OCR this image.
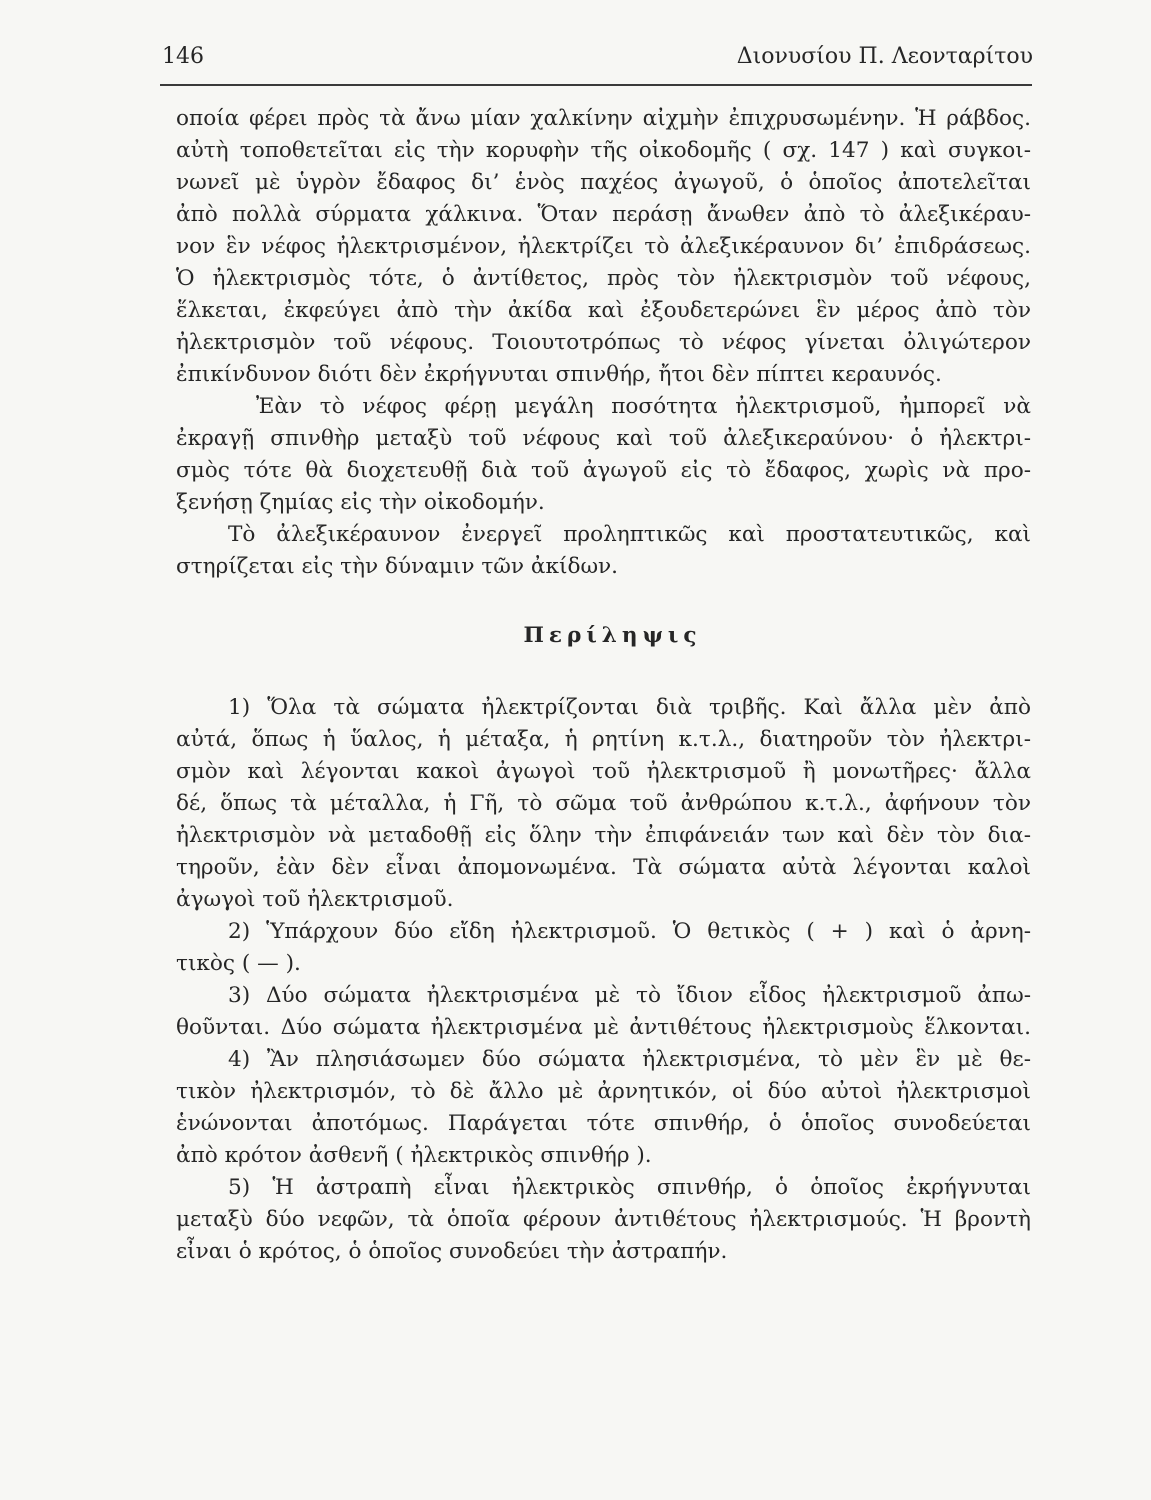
146	Διονυσίου Π. Λεονταρίτου
οποία φέρει πρὸς τὰ ἄνω μίαν χαλκίνην αἰχμὴν ἐπιχρυσωμένην. Ἡ ράβδος.
αὐτὴ τοποθετεῖται εἰς τὴν κορυφὴν τῆς οἰκοδομῆς ( σχ. 147 ) καὶ συγκοι-
νωνεῖ μὲ ὑγρὸν ἔδαφος δι’ ἑνὸς παχέος ἀγωγοῦ, ὁ ὁποῖος ἀποτελεῖται
ἀπὸ πολλὰ σύρματα χάλκινα. Ὅταν περάσῃ ἄνωθεν ἀπὸ τὸ ἀλεξικέραυ-
νον ἓν νέφος ἠλεκτρισμένον, ἠλεκτρίζει τὸ ἀλεξικέραυνον δι’ ἐπιδράσεως.
Ὁ ἠλεκτρισμὸς τότε, ὁ ἀντίθετος, πρὸς τὸν ἠλεκτρισμὸν τοῦ νέφους,
ἕλκεται, ἐκφεύγει ἀπὸ τὴν ἀκίδα καὶ ἐξουδετερώνει ἓν μέρος ἀπὸ τὸν
ἠλεκτρισμὸν τοῦ νέφους. Τοιουτοτρόπως τὸ νέφος γίνεται ὀλιγώτερον
ἐπικίνδυνον διότι δὲν ἐκρήγνυται σπινθήρ, ἤτοι δὲν πίπτει κεραυνός.
Ἐὰν τὸ νέφος φέρῃ μεγάλη ποσότητα ἠλεκτρισμοῦ, ἠμπορεῖ νὰ
ἐκραγῇ σπινθὴρ μεταξὺ τοῦ νέφους καὶ τοῦ ἀλεξικεραύνου· ὁ ἠλεκτρι-
σμὸς τότε θὰ διοχετευθῇ διὰ τοῦ ἀγωγοῦ εἰς τὸ ἔδαφος, χωρὶς νὰ προ-
ξενήσῃ ζημίας εἰς τὴν οἰκοδομήν.
Τὸ ἀλεξικέραυνον ἐνεργεῖ προληπτικῶς καὶ προστατευτικῶς, καὶ
στηρίζεται εἰς τὴν δύναμιν τῶν ἀκίδων.
Περίληψις
1) Ὅλα τὰ σώματα ἠλεκτρίζονται διὰ τριβῆς. Καὶ ἄλλα μὲν ἀπὸ
αὐτά, ὅπως ἡ ὕαλος, ἡ μέταξα, ἡ ρητίνη κ.τ.λ., διατηροῦν τὸν ἠλεκτρι-
σμὸν καὶ λέγονται κακοὶ ἀγωγοὶ τοῦ ἠλεκτρισμοῦ ἢ μονωτῆρες· ἄλλα
δέ, ὅπως τὰ μέταλλα, ἡ Γῆ, τὸ σῶμα τοῦ ἀνθρώπου κ.τ.λ., ἀφήνουν τὸν
ἠλεκτρισμὸν νὰ μεταδοθῇ εἰς ὅλην τὴν ἐπιφάνειάν των καὶ δὲν τὸν δια-
τηροῦν, ἐὰν δὲν εἶναι ἀπομονωμένα. Τὰ σώματα αὐτὰ λέγονται καλοὶ
ἀγωγοὶ τοῦ ἠλεκτρισμοῦ.
2) Ὑπάρχουν δύο εἴδη ἠλεκτρισμοῦ. Ὁ θετικὸς ( + ) καὶ ὁ ἀρνη-
τικὸς ( — ).
3) Δύο σώματα ἠλεκτρισμένα μὲ τὸ ἴδιον εἶδος ἠλεκτρισμοῦ ἀπω-
θοῦνται. Δύο σώματα ἠλεκτρισμένα μὲ ἀντιθέτους ἠλεκτρισμοὺς ἕλκονται.
4) Ἂν πλησιάσωμεν δύο σώματα ἠλεκτρισμένα, τὸ μὲν ἓν μὲ θε-
τικὸν ἠλεκτρισμόν, τὸ δὲ ἄλλο μὲ ἀρνητικόν, οἱ δύο αὐτοὶ ἠλεκτρισμοὶ
ἑνώνονται ἀποτόμως. Παράγεται τότε σπινθήρ, ὁ ὁποῖος συνοδεύεται
ἀπὸ κρότον ἀσθενῆ ( ἠλεκτρικὸς σπινθήρ ).
5) Ἡ ἀστραπὴ εἶναι ἠλεκτρικὸς σπινθήρ, ὁ ὁποῖος ἐκρήγνυται
μεταξὺ δύο νεφῶν, τὰ ὁποῖα φέρουν ἀντιθέτους ἠλεκτρισμούς. Ἡ βροντὴ
εἶναι ὁ κρότος, ὁ ὁποῖος συνοδεύει τὴν ἀστραπήν.
